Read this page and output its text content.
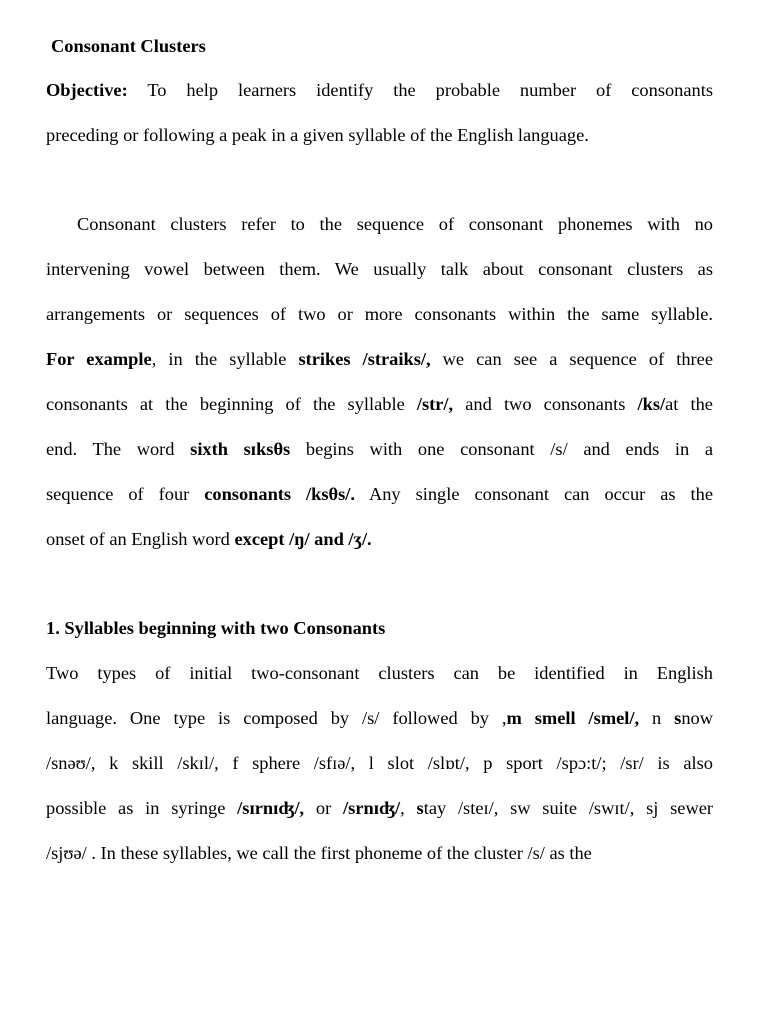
Consonant Clusters
Objective: To help learners identify the probable number of consonants
preceding or following a peak in a given syllable of the English language.
Consonant clusters refer to the sequence of consonant phonemes with no
intervening vowel between them. We usually talk about consonant clusters as
arrangements or sequences of two or more consonants within the same syllable.
For example, in the syllable strikes /straiks/, we can see a sequence of three
consonants at the beginning of the syllable /str/, and two consonants /ks/at the
end. The word sixth sɪksθs begins with one consonant /s/ and ends in a
sequence of four consonants /ksθs/. Any single consonant can occur as the
onset of an English word except /ŋ/ and /ʒ/.
1. Syllables beginning with two Consonants
Two types of initial two-consonant clusters can be identified in English
language. One type is composed by /s/ followed by ,m smell /smel/, n snow
/snəʊ/, k skill /skɪl/, f sphere /sfɪə/, l slot /slɒt/, p sport /spɔ:t/; /sr/ is also
possible as in syringe /sɪrnɪʤ/, or /srnɪʤ/, stay /steɪ/, sw suite /swɪt/, sj sewer
/sjʊə/ . In these syllables, we call the first phoneme of the cluster /s/ as the
